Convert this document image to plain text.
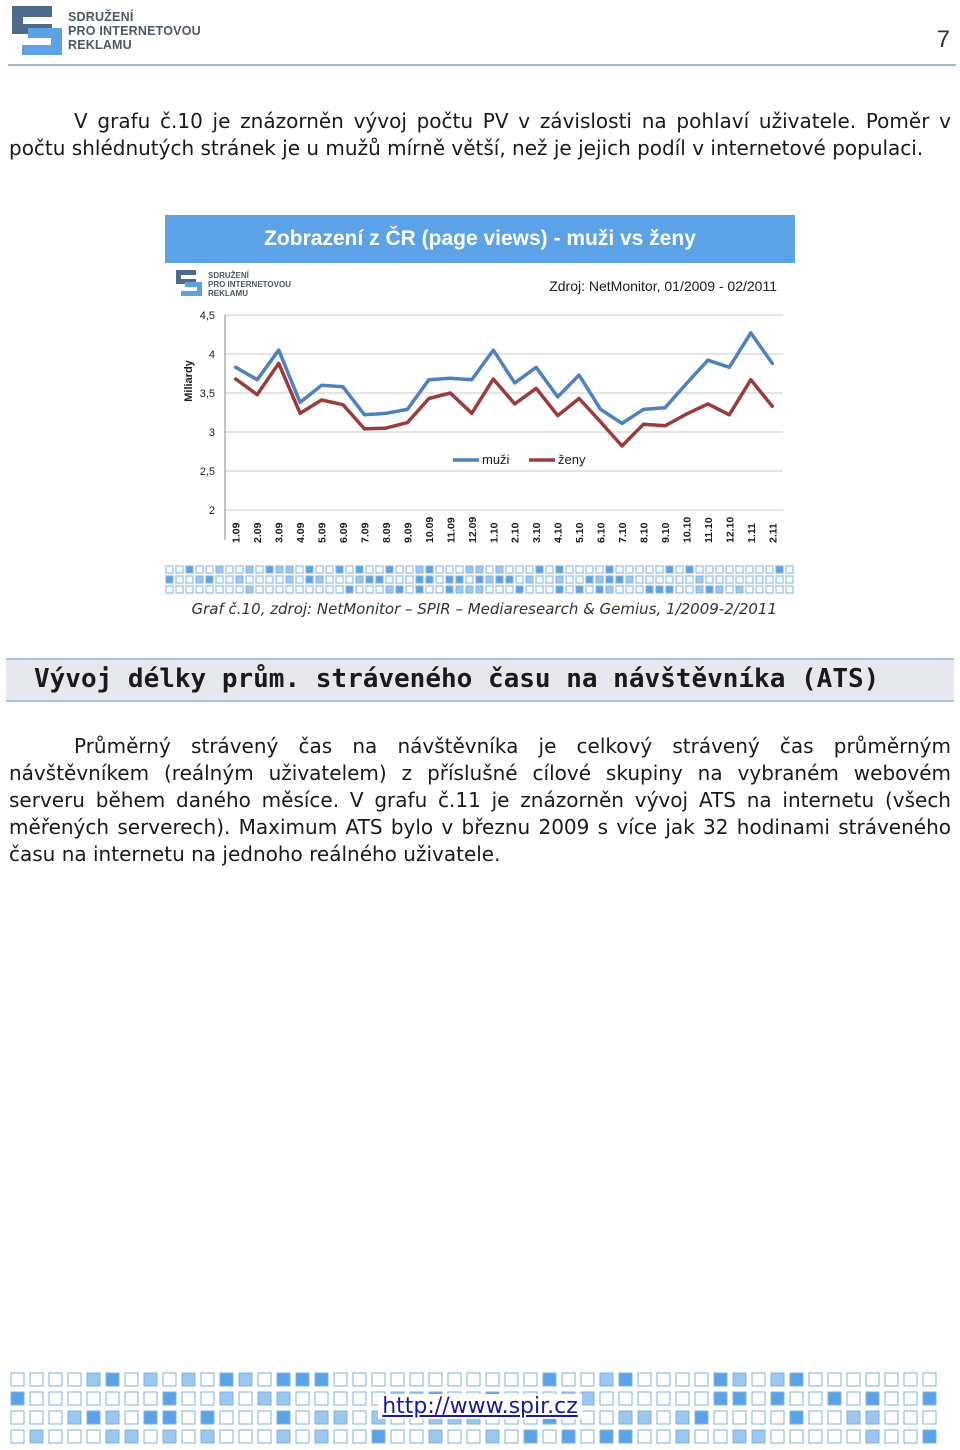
SDRUŽENÍ
PRO INTERNETOVOU
REKLAMU	7
V grafu č.10 je znázorněn vývoj počtu PV v závislosti na pohlaví uživatele. Poměr v počtu shlédnutých stránek je u mužů mírně větší, než je jejich podíl v internetové populaci.
Zobrazení z ČR (page views) - muži vs ženy
SDRUŽENÍ
PRO INTERNETOVOU
REKLAMU	Zdroj: NetMonitor, 01/2009 - 02/2011
Miliardy
2
2,5
3
3,5
4
4,5
1.09 2.09 3.09 4.09 5.09 6.09 7.09 8.09 9.09 10.09 11.09 12.09 1.10 2.10 3.10 4.10 5.10 6.10 7.10 8.10 9.10 10.10 11.10 12.10 1.11 2.11
muži	ženy
Graf č.10, zdroj: NetMonitor – SPIR – Mediaresearch & Gemius, 1/2009-2/2011
Vývoj délky prům. stráveného času na návštěvníka (ATS)
Průměrný strávený čas na návštěvníka je celkový strávený čas průměrným návštěvníkem (reálným uživatelem) z příslušné cílové skupiny na vybraném webovém serveru během daného měsíce. V grafu č.11 je znázorněn vývoj ATS na internetu (všech měřených serverech). Maximum ATS bylo v březnu 2009 s více jak 32 hodinami stráveného času na internetu na jednoho reálného uživatele.
http://www.spir.cz
